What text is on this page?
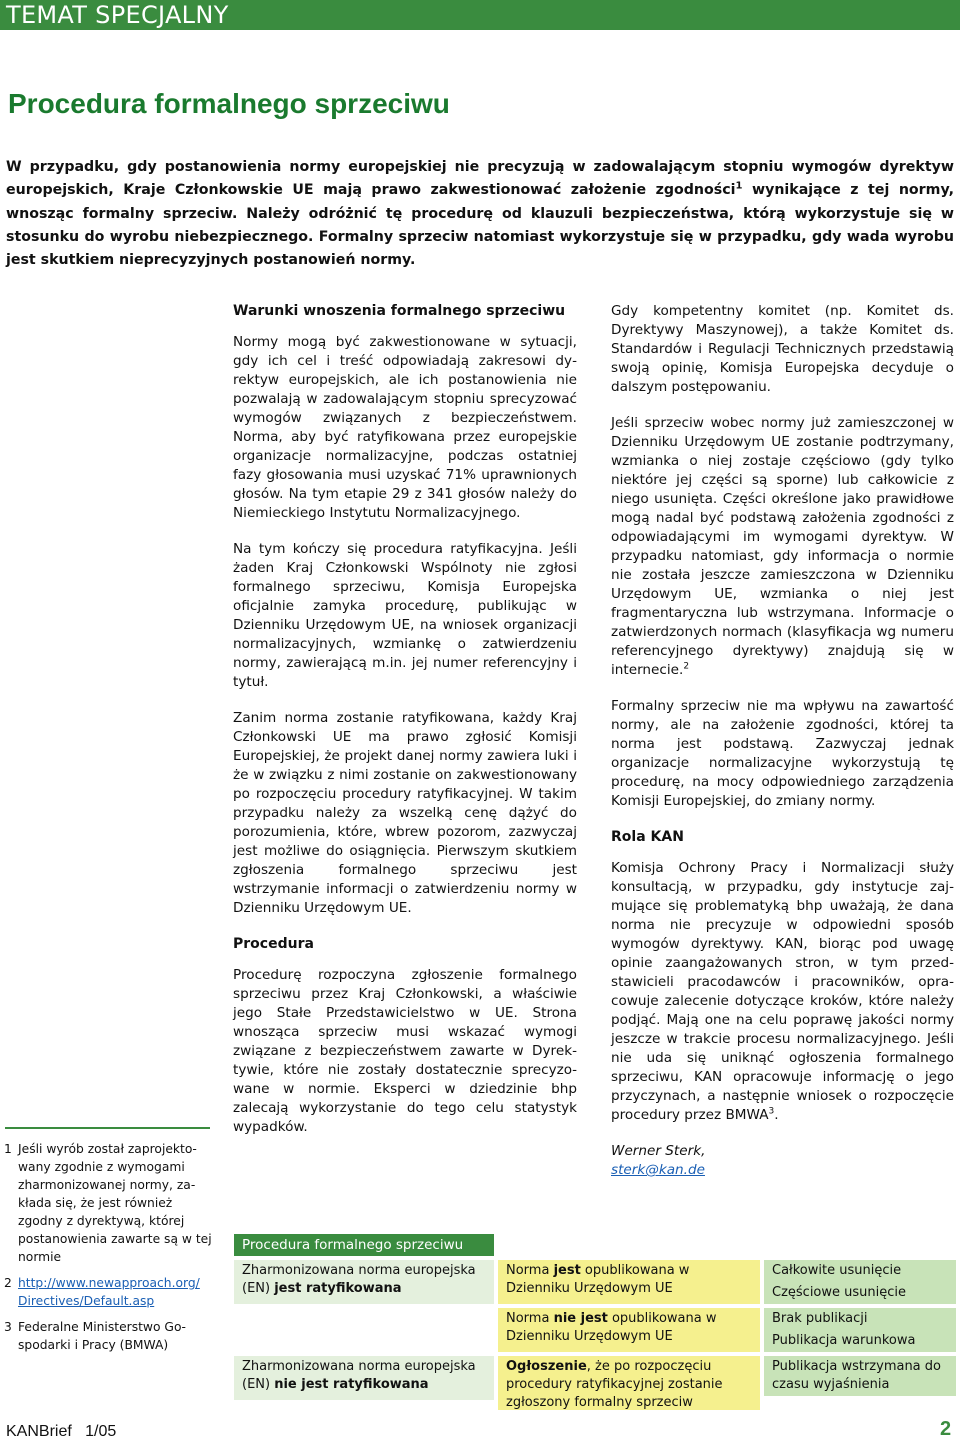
TEMAT SPECJALNY
Procedura formalnego sprzeciwu
W przypadku, gdy postanowienia normy europejskiej nie precyzują w zadowalającym stopniu wymogów dyrektyw europejskich, Kraje Członkowskie UE mają prawo zakwestionować założenie zgodności$^1$ wynikające z tej normy, wnosząc formalny sprzeciw. Należy odróżnić tę procedurę od klauzuli bezpieczeństwa, którą wykorzystuje się w stosunku do wyrobu niebezpiecznego. Formalny sprzeciw natomiast wykorzystuje się w przypadku, gdy wada wyrobu jest skutkiem nieprecyzyjnych postanowień normy.
Warunki wnoszenia formalnego sprzeciwu

Normy mogą być zakwestionowane w sytuacji, gdy ich cel i treść odpowiadają zakresowi dyrektyw europejskich, ale ich postanowienia nie pozwalają w zadowalającym stopniu sprecyzować wymogów związanych z bezpieczeństwem. Norma, aby być ratyfikowana przez europejskie organizacje normalizacyjne, podczas ostatniej fazy głosowania musi uzyskać 71% uprawnionych głosów. Na tym etapie 29 z 341 głosów należy do Niemieckiego Instytutu Normalizacyjnego.

Na tym kończy się procedura ratyfikacyjna. Jeśli żaden Kraj Członkowski Wspólnoty nie zgłosi formalnego sprzeciwu, Komisja Europejska oficjalnie zamyka procedurę, publikując w Dzienniku Urzędowym UE, na wniosek organizacji normalizacyjnych, wzmiankę o zatwierdzeniu normy, zawierającą m.in. jej numer referencyjny i tytuł.

Zanim norma zostanie ratyfikowana, każdy Kraj Członkowski UE ma prawo zgłosić Komisji Europejskiej, że projekt danej normy zawiera luki i że w związku z nimi zostanie on zakwestionowany po rozpoczęciu procedury ratyfikacyjnej. W takim przypadku należy za wszelką cenę dążyć do porozumienia, które, wbrew pozorom, zazwyczaj jest możliwe do osiągnięcia. Pierwszym skutkiem zgłoszenia formalnego sprzeciwu jest wstrzymanie informacji o zatwierdzeniu normy w Dzienniku Urzędowym UE.

Procedura

Procedurę rozpoczyna zgłoszenie formalnego sprzeciwu przez Kraj Członkowski, a właściwie jego Stałe Przedstawicielstwo w UE. Strona wnosząca sprzeciw musi wskazać wymogi związane z bezpieczeństwem zawarte w Dyrektywie, które nie zostały dostatecznie sprecyzowane w normie. Eksperci w dziedzinie bhp zalecają wykorzystanie do tego celu statystyk wypadków.

Gdy kompetentny komitet (np. Komitet ds. Dyrektywy Maszynowej), a także Komitet ds. Standardów i Regulacji Technicznych przedstawią swoją opinię, Komisja Europejska decyduje o dalszym postępowaniu.

Jeśli sprzeciw wobec normy już zamieszczonej w Dzienniku Urzędowym UE zostanie podtrzymany, wzmianka o niej zostaje częściowo (gdy tylko niektóre jej części są sporne) lub całkowicie z niego usunięta. Części określone jako prawidłowe mogą nadal być podstawą założenia zgodności z odpowiadającymi im wymogami dyrektyw. W przypadku natomiast, gdy informacja o normie nie została jeszcze zamieszczona w Dzienniku Urzędowym UE, wzmianka o niej jest fragmentaryczna lub wstrzymana. Informacje o zatwierdzonych normach (klasyfikacja wg numeru referencyjnego dyrektywy) znajdują się w internecie.$^2$

Formalny sprzeciw nie ma wpływu na zawartość normy, ale na założenie zgodności, której ta norma jest podstawą. Zazwyczaj jednak organizacje normalizacyjne wykorzystują tę procedurę, na mocy odpowiedniego zarządzenia Komisji Europejskiej, do zmiany normy.

Rola KAN

Komisja Ochrony Pracy i Normalizacji służy konsultacją, w przypadku, gdy instytucje zajmujące się problematyką bhp uważają, że dana norma nie precyzuje w odpowiedni sposób wymogów dyrektywy. KAN, biorąc pod uwagę opinie zaangażowanych stron, w tym przedstawicieli pracodawców i pracowników, opracowuje zalecenie dotyczące kroków, które należy podjąć. Mają one na celu poprawę jakości normy jeszcze w trakcie procesu normalizacyjnego. Jeśli nie uda się uniknąć ogłoszenia formalnego sprzeciwu, KAN opracowuje informację o jego przyczynach, a następnie wniosek o rozpoczęcie procedury przez BMWA$^3$.

Werner Sterk,
sterk@kan.de
1 Jeśli wyrób został zaprojektowany zgodnie z wymogami zharmonizowanej normy, zakłada się, że jest również zgodny z dyrektywą, której postanowienia zawarte są w tej normie
2 http://www.newapproach.org/ Directives/Default.asp
3 Federalne Ministerstwo Gospodarki i Pracy (BMWA)
Procedura formalnego sprzeciwu
Zharmonizowana norma europejska (EN) jest ratyfikowana
Zharmonizowana norma europejska (EN) nie jest ratyfikowana
Norma jest opublikowana w Dzienniku Urzędowym UE
Norma nie jest opublikowana w Dzienniku Urzędowym UE
Ogłoszenie, że po rozpoczęciu procedury ratyfikacyjnej zostanie zgłoszony formalny sprzeciw
Całkowite usunięcie
Częściowe usunięcie
Brak publikacji
Publikacja warunkowa
Publikacja wstrzymana do czasu wyjaśnienia
KANBrief   1/05	2
